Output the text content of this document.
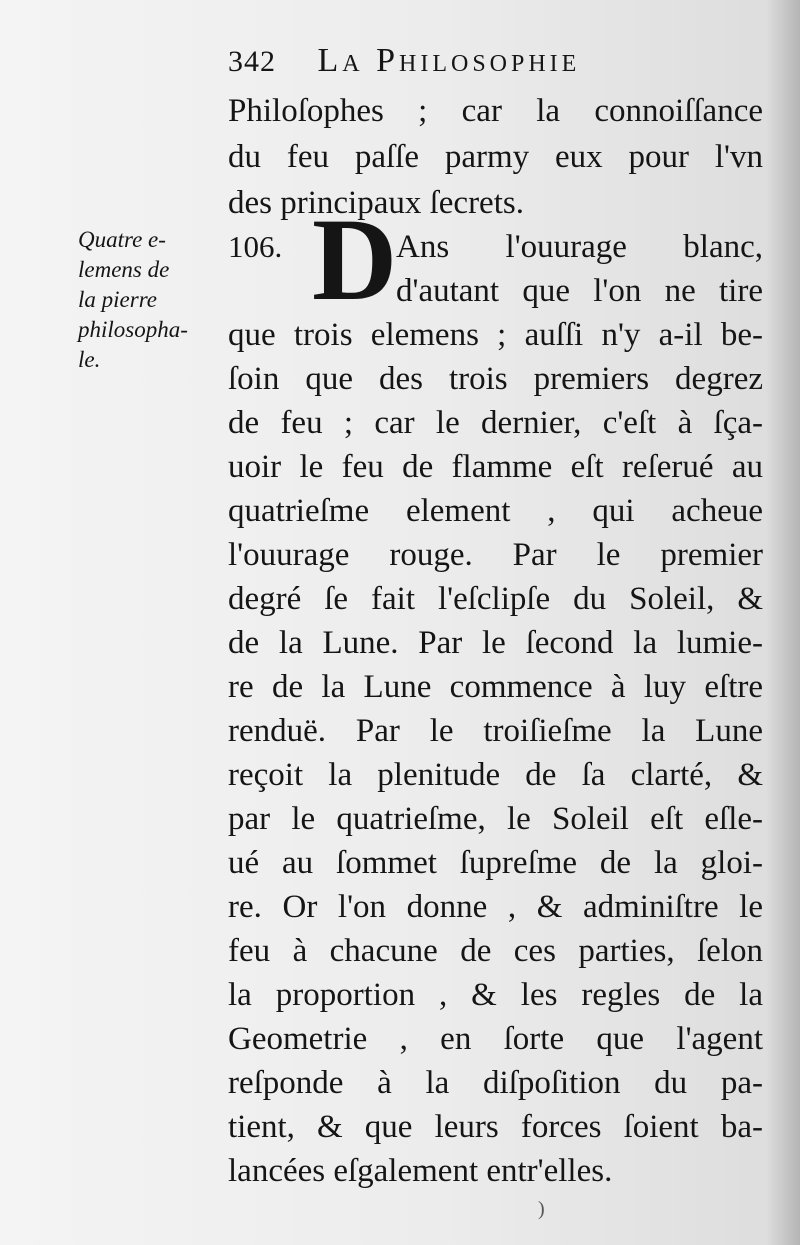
342 La Philosophie
Quatre e-
lemens de
la pierre
philosopha-
le.
106. D
Philoſophes ; car la connoiſſance
du feu paſſe parmy eux pour l'vn
des principaux ſecrets.
Ans l'ouurage blanc,
d'autant que l'on ne tire
que trois elemens ; auſſi n'y a-il be-
ſoin que des trois premiers degrez
de feu ; car le dernier, c'eſt à ſça-
uoir le feu de flamme eſt reſerué au
quatrieſme element , qui acheue
l'ouurage rouge. Par le premier
degré ſe fait l'eſclipſe du Soleil, &
de la Lune. Par le ſecond la lumie-
re de la Lune commence à luy eſtre
renduë. Par le troiſieſme la Lune
reçoit la plenitude de ſa clarté, &
par le quatrieſme, le Soleil eſt eſle-
ué au ſommet ſupreſme de la gloi-
re. Or l'on donne , & adminiſtre le
feu à chacune de ces parties, ſelon
la proportion , & les regles de la
Geometrie , en ſorte que l'agent
reſponde à la diſpoſition du pa-
tient, & que leurs forces ſoient ba-
lancées eſgalement entr'elles.
)
